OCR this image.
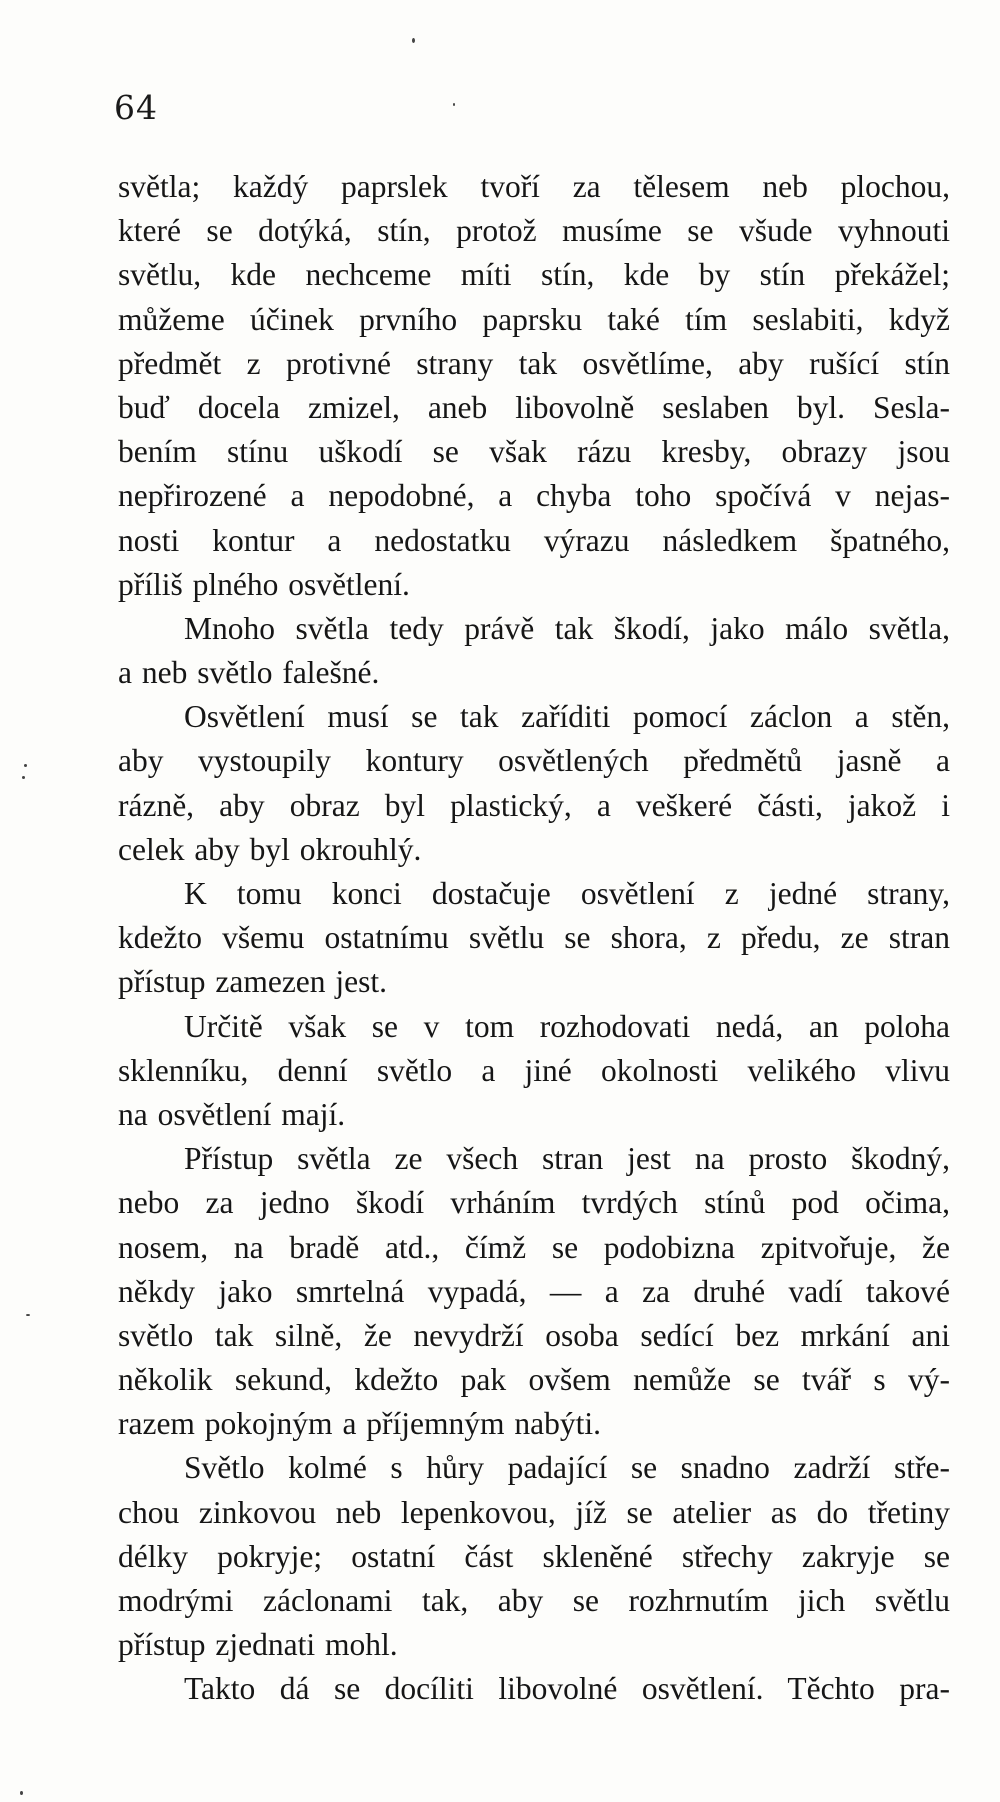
64
světla; každý paprslek tvoří za tělesem neb plochou,
které se dotýká, stín, protož musíme se všude vyhnouti
světlu, kde nechceme míti stín, kde by stín překážel;
můžeme účinek prvního paprsku také tím seslabiti, když
předmět z protivné strany tak osvětlíme, aby rušící stín
buď docela zmizel, aneb libovolně seslaben byl. Sesla-
bením stínu uškodí se však rázu kresby, obrazy jsou
nepřirozené a nepodobné, a chyba toho spočívá v nejas-
nosti kontur a nedostatku výrazu následkem špatného,
příliš plného osvětlení.
Mnoho světla tedy právě tak škodí, jako málo světla,
a neb světlo falešné.
Osvětlení musí se tak zaříditi pomocí záclon a stěn,
aby vystoupily kontury osvětlených předmětů jasně a
rázně, aby obraz byl plastický, a veškeré části, jakož i
celek aby byl okrouhlý.
K tomu konci dostačuje osvětlení z jedné strany,
kdežto všemu ostatnímu světlu se shora, z předu, ze stran
přístup zamezen jest.
Určitě však se v tom rozhodovati nedá, an poloha
sklenníku, denní světlo a jiné okolnosti velikého vlivu
na osvětlení mají.
Přístup světla ze všech stran jest na prosto škodný,
nebo za jedno škodí vrháním tvrdých stínů pod očima,
nosem, na bradě atd., čímž se podobizna zpitvořuje, že
někdy jako smrtelná vypadá, — a za druhé vadí takové
světlo tak silně, že nevydrží osoba sedící bez mrkání ani
několik sekund, kdežto pak ovšem nemůže se tvář s vý-
razem pokojným a příjemným nabýti.
Světlo kolmé s hůry padající se snadno zadrží stře-
chou zinkovou neb lepenkovou, jíž se atelier as do třetiny
délky pokryje; ostatní část skleněné střechy zakryje se
modrými záclonami tak, aby se rozhrnutím jich světlu
přístup zjednati mohl.
Takto dá se docíliti libovolné osvětlení. Těchto pra-
